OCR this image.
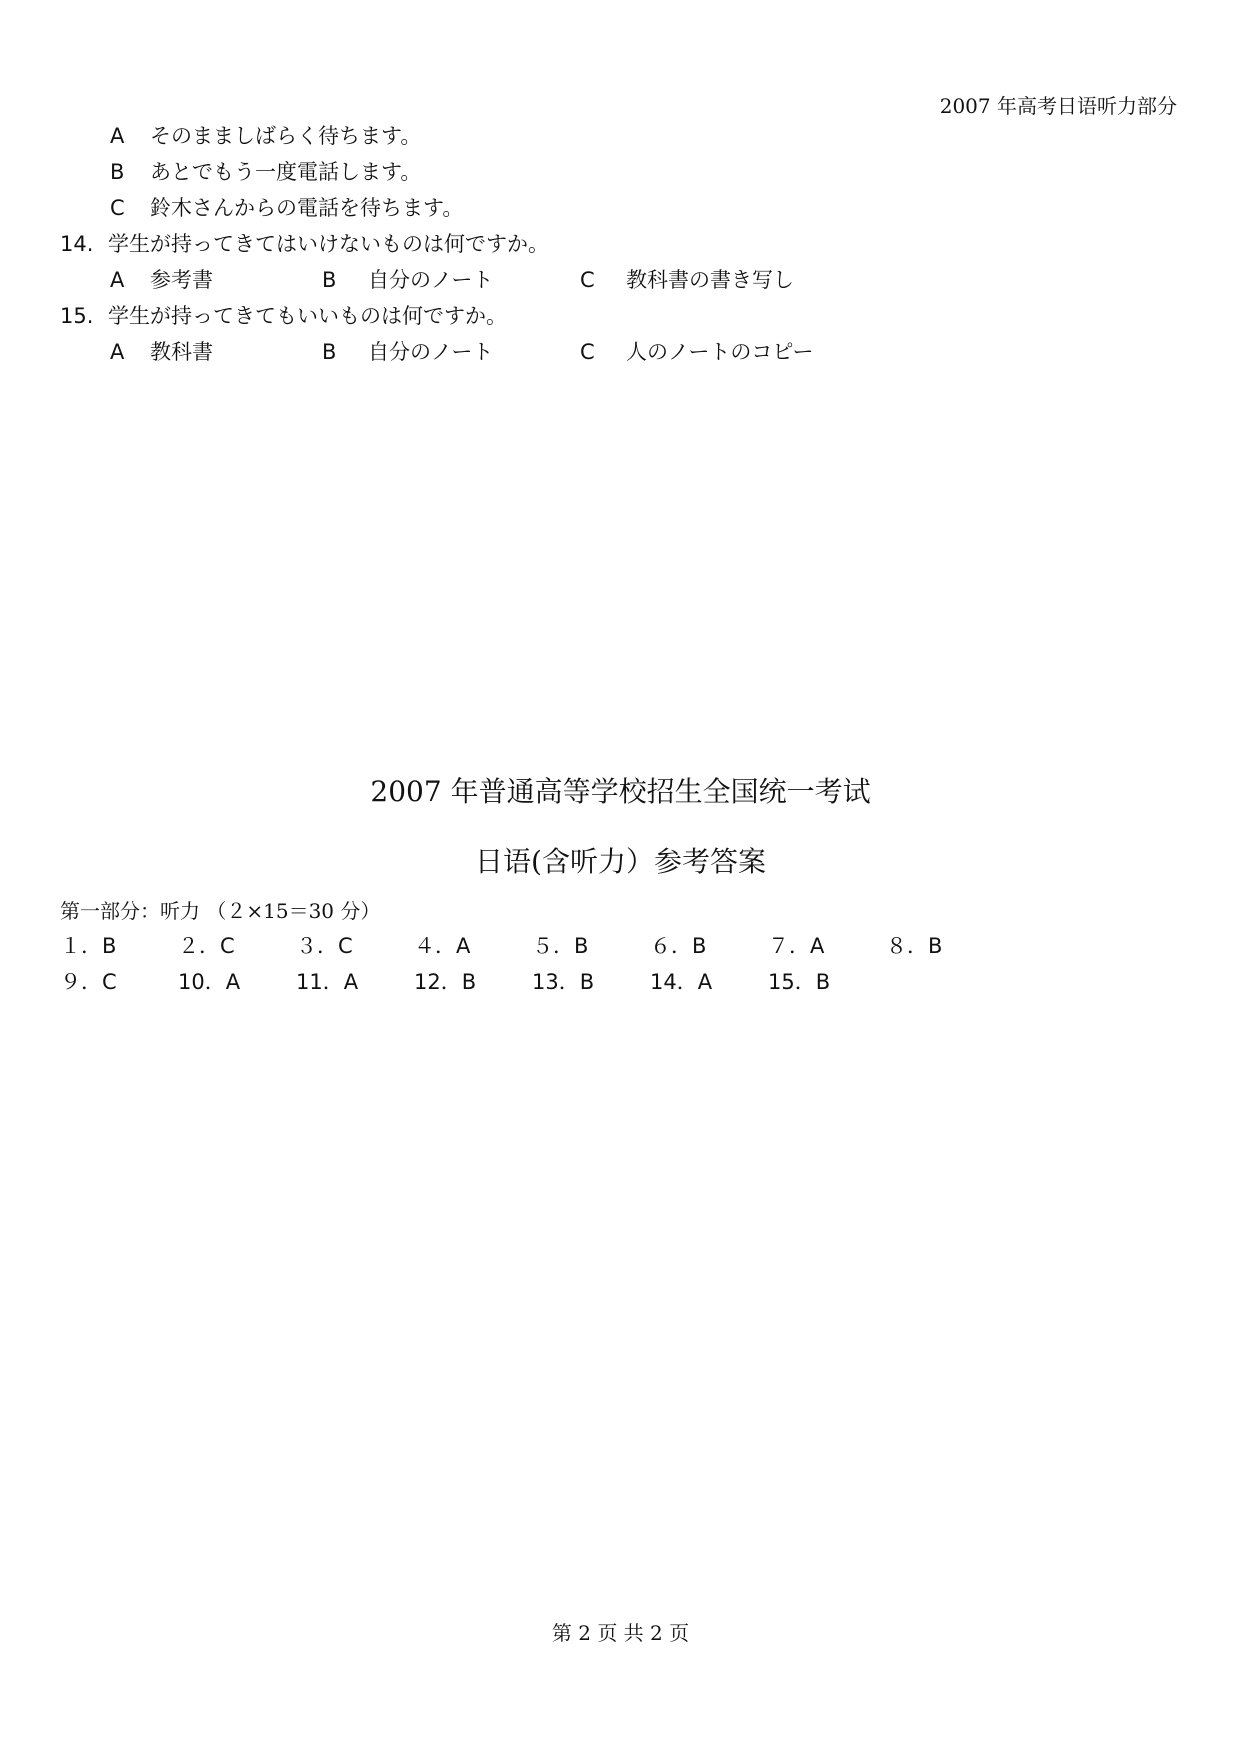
2007 年高考日语听力部分
A そのまましばらく待ちます。
B あとでもう一度電話します。
C 鈴木さんからの電話を待ちます。
14. 学生が持ってきてはいけないものは何ですか。
A 参考書	B 自分のノート	C 教科書の書き写し
15. 学生が持ってきてもいいものは何ですか。
A 教科書	B 自分のノート	C 人のノートのコピー
2007 年普通高等学校招生全国统一考试
日语(含听力）参考答案
第一部分：听力 （２×15＝30 分）
１．B	２．C	３．C	４．A	５．B	６．B	７．A	８．B
９．C	10．A	11．A	12．B	13．B	14．A	15．B
第 2 页 共 2 页
